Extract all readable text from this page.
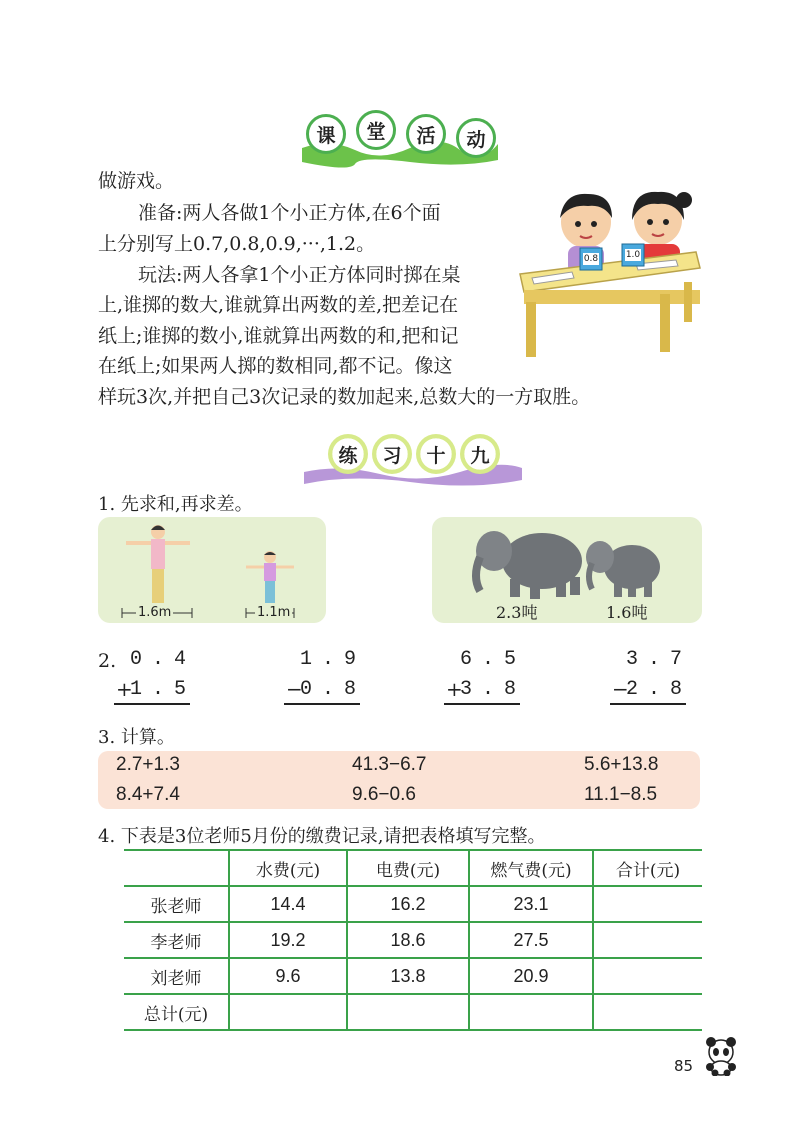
课	堂	活	动
做游戏。
准备:两人各做1个小正方体,在6个面
上分别写上0.7,0.8,0.9,···,1.2。
玩法:两人各拿1个小正方体同时掷在桌
上,谁掷的数大,谁就算出两数的差,把差记在
纸上;谁掷的数小,谁就算出两数的和,把和记
在纸上;如果两人掷的数相同,都不记。像这
样玩3次,并把自己3次记录的数加起来,总数大的一方取胜。
0.8	1.0
练	习	十	九
1. 先求和,再求差。
1.6m	1.1m	2.3吨	1.6吨
2. 0.4
+
1.5
1.9
−
0.8
6.5
+
3.8
3.7
−
2.8
3. 计算。
2.7+1.3	41.3−6.7	5.6+13.8
8.4+7.4	9.6−0.6	11.1−8.5
4. 下表是3位老师5月份的缴费记录,请把表格填写完整。
	水费(元)	电费(元)	燃气费(元)	合计(元)
张老师	14.4	16.2	23.1	
李老师	19.2	18.6	27.5	
刘老师	9.6	13.8	20.9	
总计(元)				
85
